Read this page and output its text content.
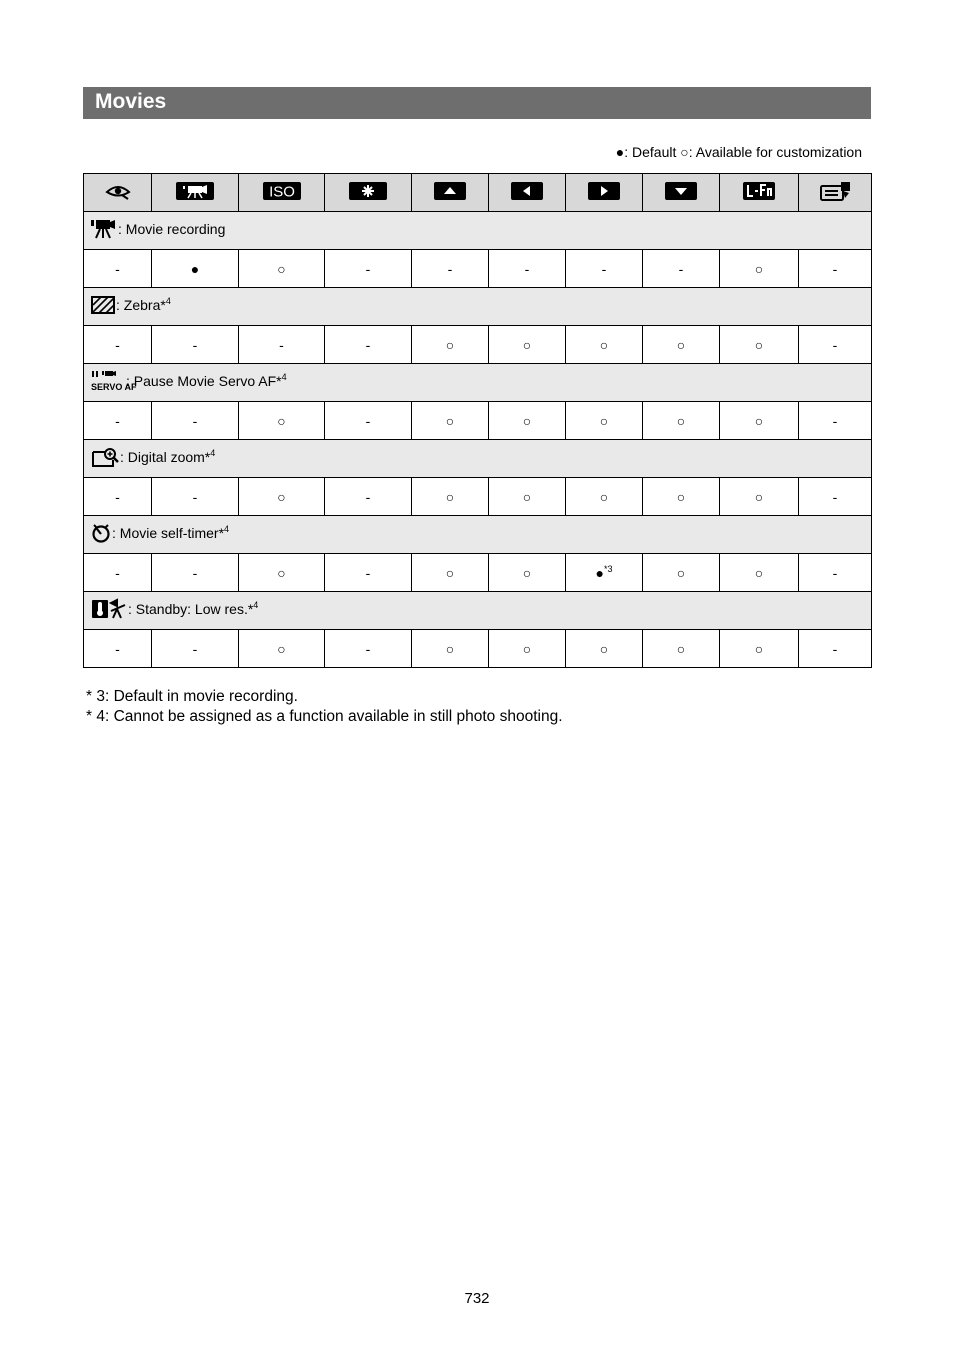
Movies
●: Default ○: Available for customization

ISO

: Movie recording									
-	●	○	-	-	-	-	-	○	-
: Zebra*$^4$
-	-	-	-	○	○	○	○	○	-

SERVO AF
: Pause Movie Servo AF*$^4$
-	-	○	-	○	○	○	○	○	-
: Digital zoom*$^4$
-	-	○	-	○	○	○	○	○	-
: Movie self-timer*$^4$
-	-	○	-	○	○	●$^{*3}$	○	○	-
: Standby: Low res.*$^4$
-	-	○	-	○	○	○	○	○	-
* 3: Default in movie recording.
* 4: Cannot be assigned as a function available in still photo shooting.
732
